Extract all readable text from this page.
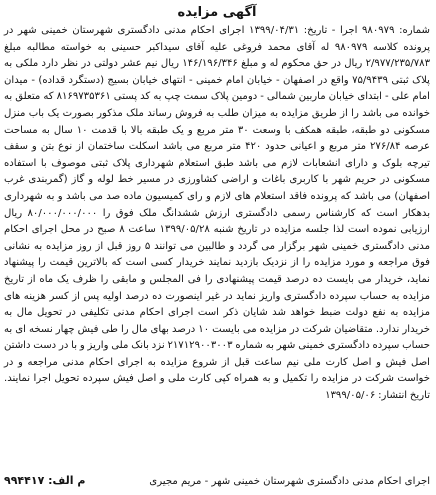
آگهی مزایده

شماره: ۹۸۰۹۷۹ اجرا - تاریخ: ۱۳۹۹/۰۴/۳۱ اجرای احکام مدنی دادگستری شهرستان خمینی شهر در پرونده کلاسه ۹۸۰۹۷۹ له آقای محمد فروغی علیه آقای سیداکبر حسینی به خواسته مطالبه مبلغ ۲/۹۷۷/۲۳۵/۷۸۳ ریال در حق محکوم له و مبلغ ۱۴۶/۱۹۶/۳۴۶ ریال نیم عشر دولتی در نظر دارد ملکی به پلاک ثبتی ۷۵/۹۴۳۹ واقع در اصفهان - خیابان امام خمینی - انتهای خیابان بسیج (دستگرد قداده) - میدان امام علی - ابتدای خیابان ماربین شمالی - دومین پلاک سمت چپ به کد پستی ۸۱۶۹۷۳۵۳۶۱ که متعلق به خوانده می باشد را از طریق مزایده به میزان طلب به فروش رساند ملک مذکور بصورت یک باب منزل مسکونی دو طبقه، طبقه همکف با وسعت ۳۰ متر مربع و یک طبقه بالا با قدمت ۱۰ سال به مساحت عرصه ۲۷۶/۸۴ متر مربع و اعیانی حدود ۴۲۰ متر مربع می باشد اسکلت ساختمان از نوع بتن و سقف تیرچه بلوک و دارای انشعابات لازم می باشد طبق استعلام شهرداری پلاک ثبتی موصوف با استفاده مسکونی در حریم شهر با کاربری باغات و اراضی کشاورزی در مسیر خط لوله و گاز (گمربندی غرب اصفهان) می باشد که پرونده فاقد استعلام های لازم و رای کمیسیون ماده صد می باشد و به شهرداری بدهکار است که کارشناس رسمی دادگستری ارزش ششدانگ ملک فوق را ۸۰/۰۰۰/۰۰۰/۰۰۰ ریال ارزیابی نموده است لذا جلسه مزایده در تاریخ شنبه ۱۳۹۹/۰۵/۲۸ ساعت ۸ صبح در محل اجرای احکام مدنی دادگستری خمینی شهر برگزار می گردد و طالبین می توانند ۵ روز قبل از روز مزایده به نشانی فوق مراجعه و مورد مزایده را از نزدیک بازدید نمایند خریدار کسی است که بالاترین قیمت را پیشنهاد نماید، خریدار می بایست ده درصد قیمت پیشنهادی را فی المجلس و مابقی را ظرف یک ماه از تاریخ مزایده به حساب سپرده دادگستری واریز نماید در غیر اینصورت ده درصد اولیه پس از کسر هزینه های مزایده به نفع دولت ضبط خواهد شد شایان ذکر است اجرای احکام مدنی تکلیفی در تحویل مال به خریدار ندارد. متقاضیان شرکت در مزایده می بایست ۱۰ درصد بهای مال را طی فیش چهار نسخه ای به حساب سپرده دادگستری خمینی شهر به شماره ۲۱۷۱۲۹۰۰۳۰۰۳ نزد بانک ملی واریز و با در دست داشتن اصل فیش و اصل کارت ملی نیم ساعت قبل از شروع مزایده به اجرای احکام مدنی مراجعه و در خواست شرکت در مزایده را تکمیل و به همراه کپی کارت ملی و اصل فیش سپرده تحویل اجرا نمایند. تاریخ انتشار: ۱۳۹۹/۰۵/۰۶

اجرای احکام مدنی دادگستری شهرستان خمینی شهر - مریم مجیری
م الف: ۹۹۴۴۱۷
